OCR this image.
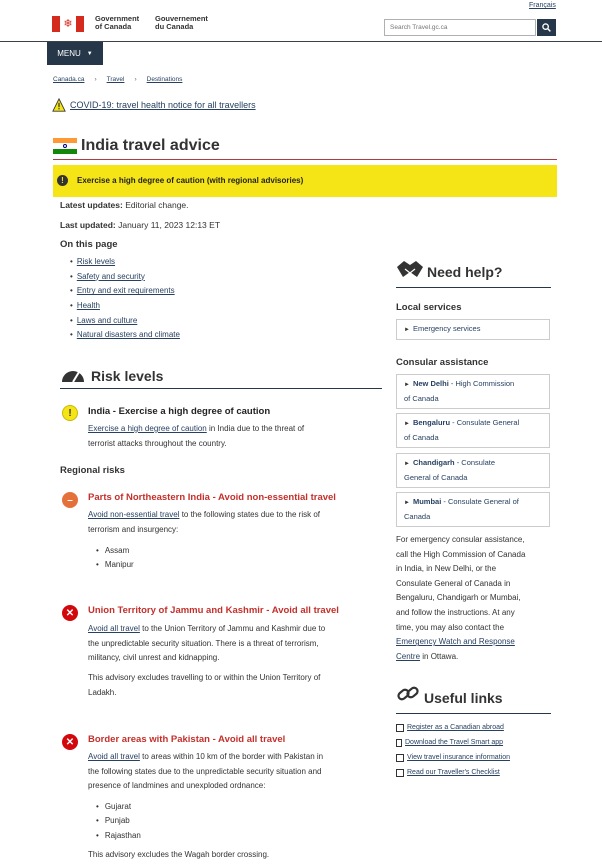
Français
❄	Government
of Canada
Gouvernement
du Canada
Search Travel.gc.ca
MENU ▼
Canada.ca › Travel › Destinations
COVID-19: travel health notice for all travellers
India travel advice
!	Exercise a high degree of caution (with regional advisories)
Latest updates: Editorial change.
Last updated: January 11, 2023 12:13 ET
On this page
• Risk levels
• Safety and security
• Entry and exit requirements
• Health
• Laws and culture
• Natural disasters and climate
Risk levels
!	India - Exercise a high degree of caution
Exercise a high degree of caution in India due to the threat of
terrorist attacks throughout the country.
Regional risks
–	Parts of Northeastern India - Avoid non-essential travel
Avoid non-essential travel to the following states due to the risk of
terrorism and insurgency:
• Assam
• Manipur
✕	Union Territory of Jammu and Kashmir - Avoid all travel
Avoid all travel to the Union Territory of Jammu and Kashmir due to
the unpredictable security situation. There is a threat of terrorism,
militancy, civil unrest and kidnapping.
This advisory excludes travelling to or within the Union Territory of
Ladakh.
✕	Border areas with Pakistan - Avoid all travel
Avoid all travel to areas within 10 km of the border with Pakistan in
the following states due to the unpredictable security situation and
presence of landmines and unexploded ordnance:
• Gujarat
• Punjab
• Rajasthan
This advisory excludes the Wagah border crossing.
Need help?
Local services
► Emergency services
Consular assistance
► New Delhi - High Commission
of Canada
► Bengaluru - Consulate General
of Canada
► Chandigarh - Consulate
General of Canada
► Mumbai - Consulate General of
Canada
For emergency consular assistance,
call the High Commission of Canada
in India, in New Delhi, or the
Consulate General of Canada in
Bengaluru, Chandigarh or Mumbai,
and follow the instructions. At any
time, you may also contact the
Emergency Watch and Response
Centre in Ottawa.
Useful links
Register as a Canadian abroad
Download the Travel Smart app
View travel insurance information
Read our Traveller's Checklist
